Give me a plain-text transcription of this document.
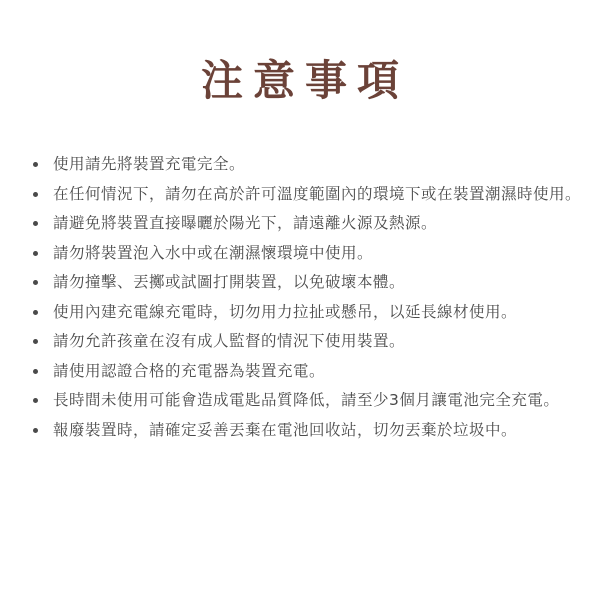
注意事項
使用請先將裝置充電完全。
在任何情況下，請勿在高於許可溫度範圍內的環境下或在裝置潮濕時使用。
請避免將裝置直接曝曬於陽光下，請遠離火源及熱源。
請勿將裝置泡入水中或在潮濕懷環境中使用。
請勿撞擊、丟擲或試圖打開裝置，以免破壞本體。
使用內建充電線充電時，切勿用力拉扯或懸吊，以延長線材使用。
請勿允許孩童在沒有成人監督的情況下使用裝置。
請使用認證合格的充電器為裝置充電。
長時間未使用可能會造成電匙品質降低，請至少3個月讓電池完全充電。
報廢裝置時，請確定妥善丟棄在電池回收站，切勿丟棄於垃圾中。
